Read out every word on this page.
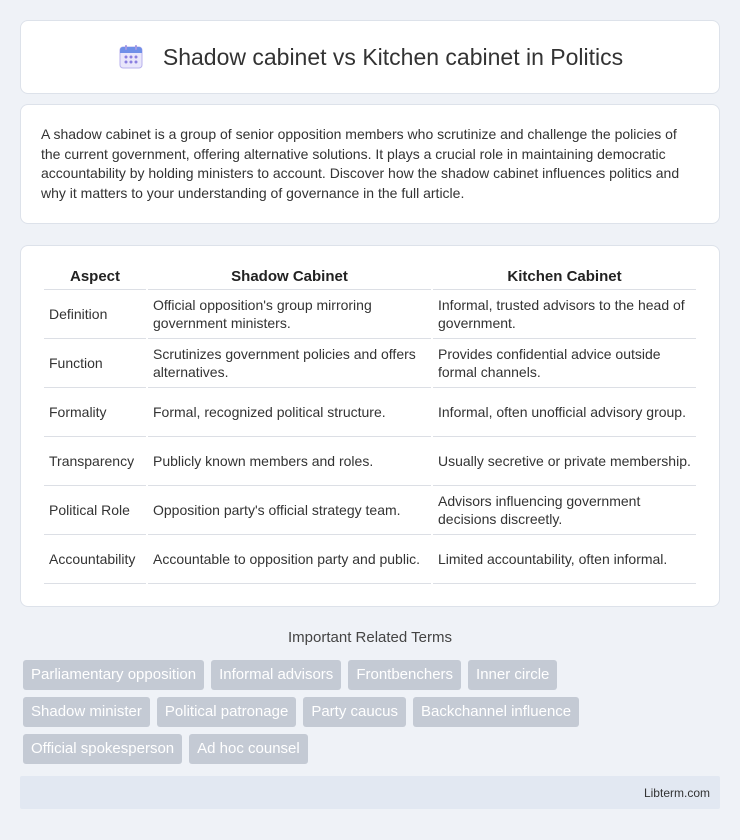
Shadow cabinet vs Kitchen cabinet in Politics

A shadow cabinet is a group of senior opposition members who scrutinize and challenge the policies of the current government, offering alternative solutions. It plays a crucial role in maintaining democratic accountability by holding ministers to account. Discover how the shadow cabinet influences politics and why it matters to your understanding of governance in the full article.

Aspect	Shadow Cabinet	Kitchen Cabinet
Definition	Official opposition's group mirroring government ministers.	Informal, trusted advisors to the head of government.
Function	Scrutinizes government policies and offers alternatives.	Provides confidential advice outside formal channels.
Formality	Formal, recognized political structure.	Informal, often unofficial advisory group.
Transparency	Publicly known members and roles.	Usually secretive or private membership.
Political Role	Opposition party's official strategy team.	Advisors influencing government decisions discreetly.
Accountability	Accountable to opposition party and public.	Limited accountability, often informal.
Important Related Terms
Parliamentary opposition	Informal advisors	Frontbenchers	Inner circle
Shadow minister	Political patronage	Party caucus	Backchannel influence
Official spokesperson	Ad hoc counsel
Libterm.com
